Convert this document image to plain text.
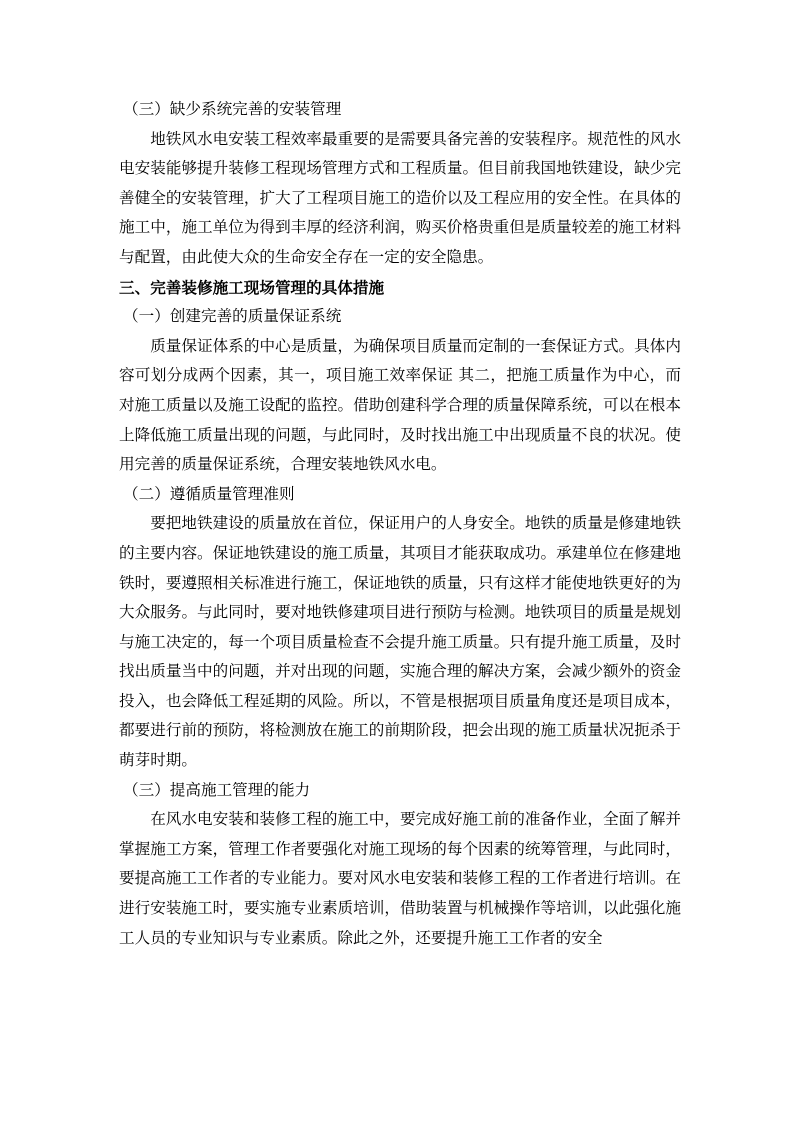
（三）缺少系统完善的安装管理

地铁风水电安装工程效率最重要的是需要具备完善的安装程序。规范性的风水电安装能够提升装修工程现场管理方式和工程质量。但目前我国地铁建设，缺少完善健全的安装管理，扩大了工程项目施工的造价以及工程应用的安全性。在具体的施工中，施工单位为得到丰厚的经济利润，购买价格贵重但是质量较差的施工材料与配置，由此使大众的生命安全存在一定的安全隐患。

三、完善装修施工现场管理的具体措施
（一）创建完善的质量保证系统

质量保证体系的中心是质量，为确保项目质量而定制的一套保证方式。具体内容可划分成两个因素，其一，项目施工效率保证 其二，把施工质量作为中心，而对施工质量以及施工设配的监控。借助创建科学合理的质量保障系统，可以在根本上降低施工质量出现的问题，与此同时，及时找出施工中出现质量不良的状况。使用完善的质量保证系统，合理安装地铁风水电。

（二）遵循质量管理准则

要把地铁建设的质量放在首位，保证用户的人身安全。地铁的质量是修建地铁的主要内容。保证地铁建设的施工质量，其项目才能获取成功。承建单位在修建地铁时，要遵照相关标准进行施工，保证地铁的质量，只有这样才能使地铁更好的为大众服务。与此同时，要对地铁修建项目进行预防与检测。地铁项目的质量是规划与施工决定的，每一个项目质量检查不会提升施工质量。只有提升施工质量，及时找出质量当中的问题，并对出现的问题，实施合理的解决方案，会减少额外的资金投入，也会降低工程延期的风险。所以，不管是根据项目质量角度还是项目成本，都要进行前的预防，将检测放在施工的前期阶段，把会出现的施工质量状况扼杀于萌芽时期。

（三）提高施工管理的能力

在风水电安装和装修工程的施工中，要完成好施工前的准备作业，全面了解并掌握施工方案，管理工作者要强化对施工现场的每个因素的统筹管理，与此同时，要提高施工工作者的专业能力。要对风水电安装和装修工程的工作者进行培训。在进行安装施工时，要实施专业素质培训，借助装置与机械操作等培训，以此强化施工人员的专业知识与专业素质。除此之外，还要提升施工工作者的安全
